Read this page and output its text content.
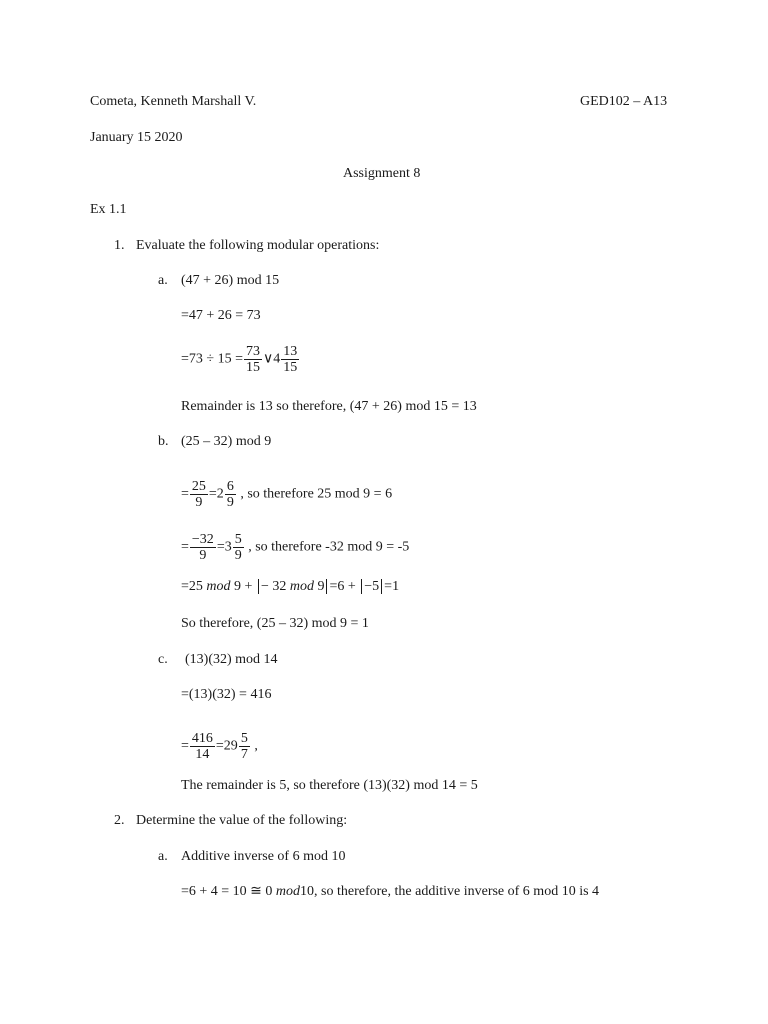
Cometa, Kenneth Marshall V.	GED102 – A13
January 15 2020
Assignment 8
Ex 1.1
1. Evaluate the following modular operations:
a. (47 + 26) mod 15
=47 + 26 = 73
$=73 \div 15 = \frac{73}{15}$ ∨4 $\frac{13}{15}$
Remainder is 13 so therefore, (47 + 26) mod 15 = 13
b. (25 – 32) mod 9
= $\frac{25}{9} =2 \frac{6}{9}$ , so therefore 25 mod 9 = 6
= $\frac{-32}{9} =3 \frac{5}{9}$ , so therefore -32 mod 9 = -5
=25 mod 9 + − 32 mod 9 =6 + −5 =1
So therefore, (25 – 32) mod 9 = 1
c. (13)(32) mod 14
=(13)(32) = 416
= $\frac{416}{14} =29 \frac{5}{7}$ ,
The remainder is 5, so therefore (13)(32) mod 14 = 5
2. Determine the value of the following:
a. Additive inverse of 6 mod 10
=6 + 4 = 10 ≅ 0 mod10, so therefore, the additive inverse of 6 mod 10 is 4
